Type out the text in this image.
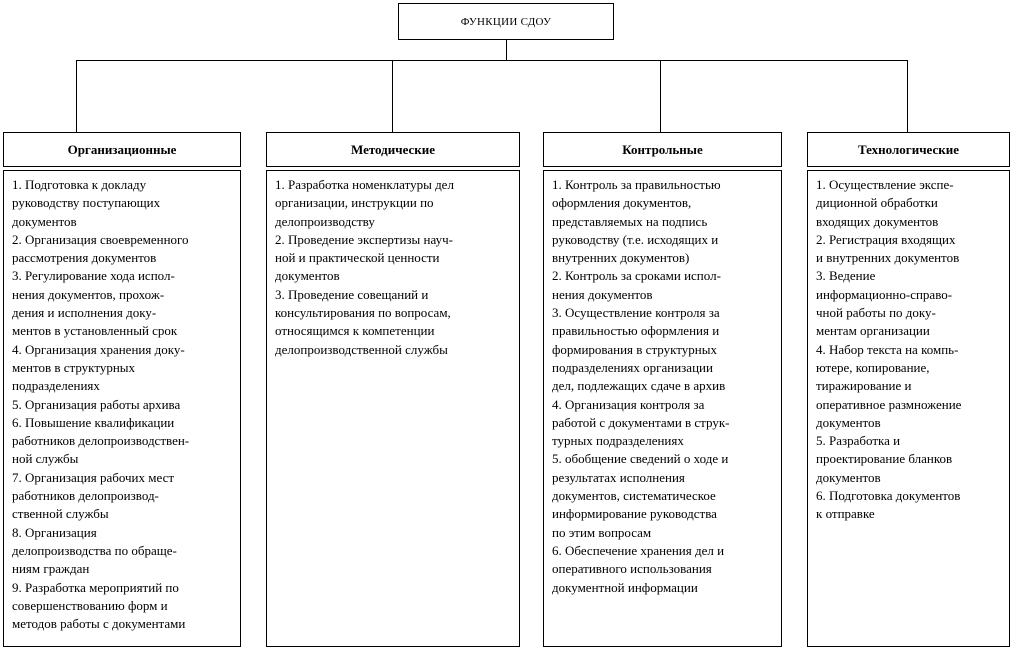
ФУНКЦИИ СДОУ
Организационные
1. Подготовка к докладу
руководству поступающих
документов
2. Организация своевременного
рассмотрения документов
3. Регулирование хода испол-
нения документов, прохож-
дения и исполнения доку-
ментов в установленный срок
4. Организация хранения доку-
ментов в структурных
подразделениях
5. Организация работы архива
6. Повышение квалификации
работников делопроизводствен-
ной службы
7. Организация рабочих мест
работников делопроизвод-
ственной службы
8. Организация
делопроизводства по обраще-
ниям граждан
9. Разработка мероприятий по
совершенствованию форм и
методов работы с документами
Методические
1. Разработка номенклатуры дел
организации, инструкции по
делопроизводству
2. Проведение экспертизы науч-
ной и практической ценности
документов
3. Проведение совещаний и
консультирования по вопросам,
относящимся к компетенции
делопроизводственной службы
Контрольные
1. Контроль за правильностью
оформления документов,
представляемых на подпись
руководству (т.е. исходящих и
внутренних документов)
2. Контроль за сроками испол-
нения документов
3. Осуществление контроля за
правильностью оформления и
формирования в структурных
подразделениях организации
дел, подлежащих сдаче в архив
4. Организация контроля за
работой с документами в струк-
турных подразделениях
5. обобщение сведений о ходе и
результатах исполнения
документов, систематическое
информирование руководства
по этим вопросам
6. Обеспечение хранения дел и
оперативного использования
документной информации
Технологические
1. Осуществление экспе-
диционной обработки
входящих документов
2. Регистрация входящих
и внутренних документов
3. Ведение
информационно-справо-
чной работы по доку-
ментам организации
4. Набор текста на компь-
ютере, копирование,
тиражирование и
оперативное размножение
документов
5. Разработка и
проектирование бланков
документов
6. Подготовка документов
к отправке
